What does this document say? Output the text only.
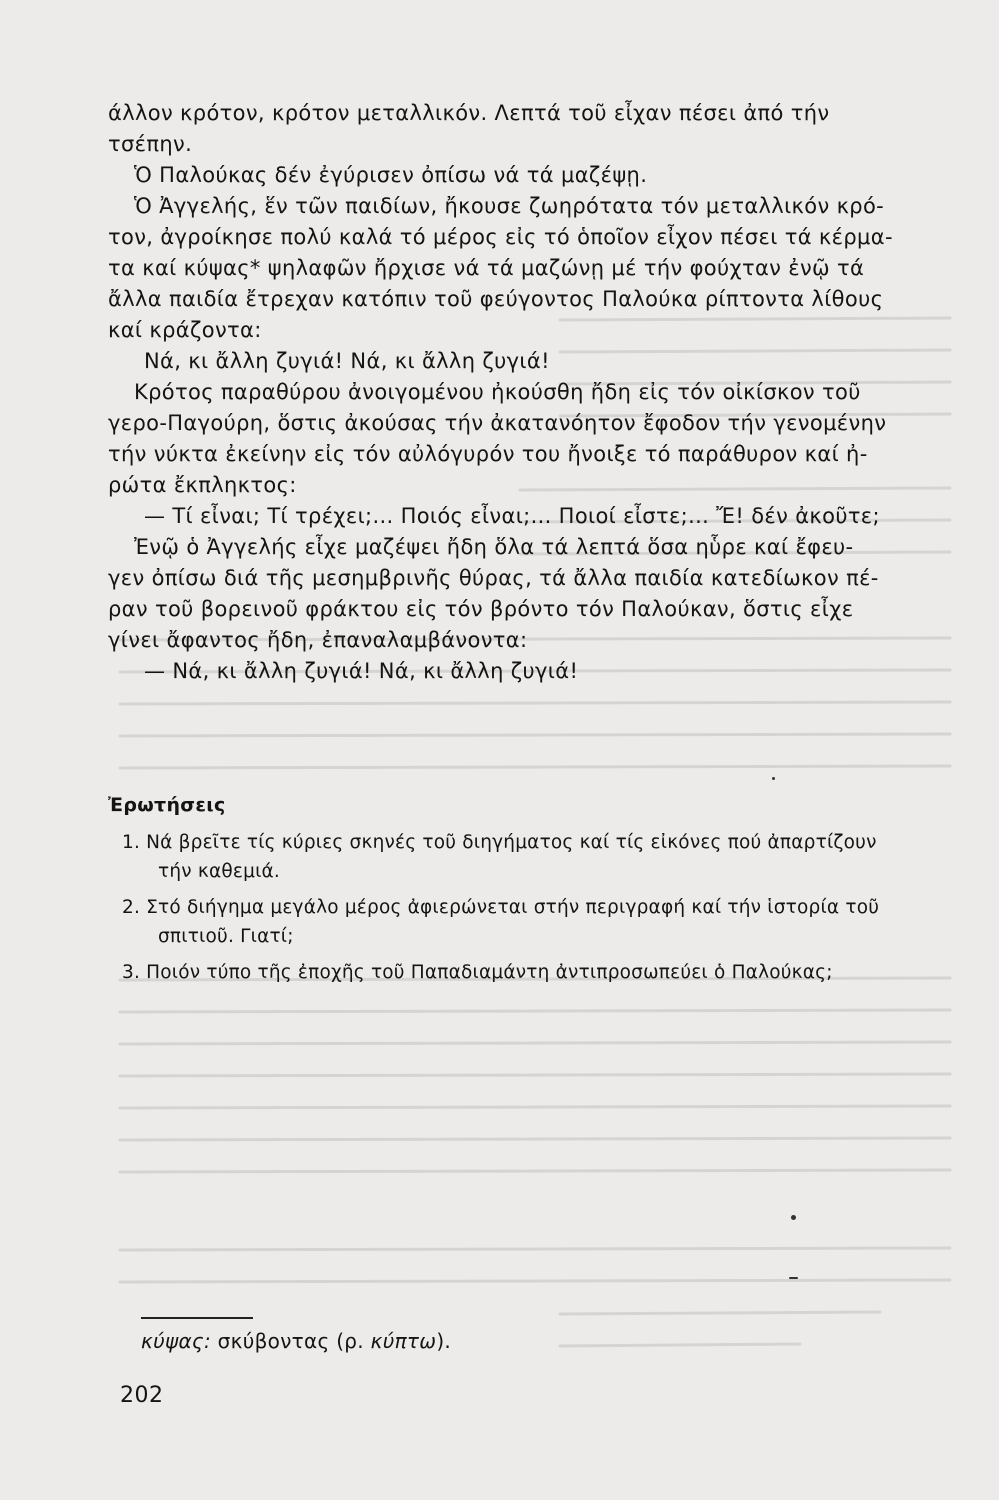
άλλον κρότον, κρότον μεταλλικόν. Λεπτά τοῦ εἶχαν πέσει ἀπό τήν
τσέπην.
Ὁ Παλούκας δέν ἐγύρισεν ὀπίσω νά τά μαζέψῃ.
Ὁ Ἀγγελής, ἕν τῶν παιδίων, ἤκουσε ζωηρότατα τόν μεταλλικόν κρό-
τον, ἀγροίκησε πολύ καλά τό μέρος εἰς τό ὁποῖον εἶχον πέσει τά κέρμα-
τα καί κύψας* ψηλαφῶν ἤρχισε νά τά μαζώνῃ μέ τήν φούχταν ἐνῷ τά
ἄλλα παιδία ἔτρεχαν κατόπιν τοῦ φεύγοντος Παλούκα ρίπτοντα λίθους
καί κράζοντα:
Νά, κι ἄλλη ζυγιά! Νά, κι ἄλλη ζυγιά!
Κρότος παραθύρου ἀνοιγομένου ἠκούσθη ἤδη εἰς τόν οἰκίσκον τοῦ
γερο-Παγούρη, ὅστις ἀκούσας τήν ἀκατανόητον ἔφοδον τήν γενομένην
τήν νύκτα ἐκείνην εἰς τόν αὐλόγυρόν του ἤνοιξε τό παράθυρον καί ἠ-
ρώτα ἔκπληκτος:
— Τί εἶναι; Τί τρέχει;... Ποιός εἶναι;... Ποιοί εἶστε;... Ἔ! δέν ἀκοῦτε;
Ἐνῷ ὁ Ἀγγελής εἶχε μαζέψει ἤδη ὅλα τά λεπτά ὅσα ηὗρε καί ἔφευ-
γεν ὀπίσω διά τῆς μεσημβρινῆς θύρας, τά ἄλλα παιδία κατεδίωκον πέ-
ραν τοῦ βορεινοῦ φράκτου εἰς τόν βρόντο τόν Παλούκαν, ὅστις εἶχε
γίνει ἄφαντος ἤδη, ἐπαναλαμβάνοντα:
— Νά, κι ἄλλη ζυγιά! Νά, κι ἄλλη ζυγιά!
Ἐρωτήσεις
1. Νά βρεῖτε τίς κύριες σκηνές τοῦ διηγήματος καί τίς εἰκόνες πού ἀπαρτίζουν
τήν καθεμιά.
2. Στό διήγημα μεγάλο μέρος ἀφιερώνεται στήν περιγραφή καί τήν ἱστορία τοῦ
σπιτιοῦ. Γιατί;
3. Ποιόν τύπο τῆς ἐποχῆς τοῦ Παπαδιαμάντη ἀντιπροσωπεύει ὁ Παλούκας;
κύψας: σκύβοντας (ρ. κύπτω).
202
